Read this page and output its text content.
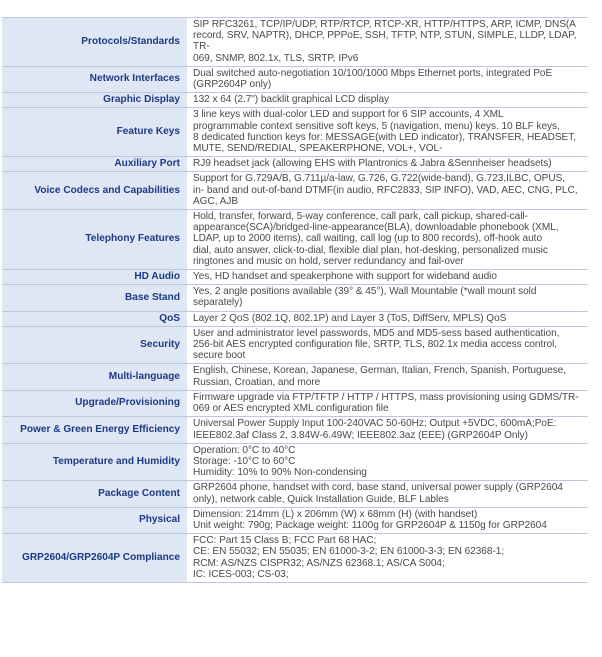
Protocols/Standards	SIP RFC3261, TCP/IP/UDP, RTP/RTCP, RTCP-XR, HTTP/HTTPS, ARP, ICMP, DNS(A
record, SRV, NAPTR), DHCP, PPPoE, SSH, TFTP, NTP, STUN, SIMPLE, LLDP, LDAP, TR-
069, SNMP, 802.1x, TLS, SRTP, IPv6

Network Interfaces	Dual switched auto-negotiation 10/100/1000 Mbps Ethernet ports, integrated PoE
(GRP2604P only)

Graphic Display	132 x 64 (2.7") backlit graphical LCD display

Feature Keys	3 line keys with dual-color LED and support for 6 SIP accounts, 4 XML
programmable context sensitive soft keys, 5 (navigation, menu) keys. 10 BLF keys,
8 dedicated function keys for: MESSAGE(with LED indicator), TRANSFER, HEADSET,
MUTE, SEND/REDIAL, SPEAKERPHONE, VOL+, VOL-

Auxiliary Port	RJ9 headset jack (allowing EHS with Plantronics & Jabra &Sennheiser headsets)

Voice Codecs and Capabilities	Support for G.729A/B, G.711µ/a-law, G.726, G.722(wide-band), G.723,ILBC, OPUS,
in- band and out-of-band DTMF(in audio, RFC2833, SIP INFO), VAD, AEC, CNG, PLC,
AGC, AJB

Telephony Features	Hold, transfer, forward, 5-way conference, call park, call pickup, shared-call-
appearance(SCA)/bridged-line-appearance(BLA), downloadable phonebook (XML,
LDAP, up to 2000 items), call waiting, call log (up to 800 records), off-hook auto
dial, auto answer, click-to-dial, flexible dial plan, hot-desking, personalized music
ringtones and music on hold, server redundancy and fail-over

HD Audio	Yes, HD handset and speakerphone with support for wideband audio

Base Stand	Yes, 2 angle positions available (39° & 45°), Wall Mountable (*wall mount sold
separately)

QoS	Layer 2 QoS (802.1Q, 802.1P) and Layer 3 (ToS, DiffServ, MPLS) QoS

Security	User and administrator level passwords, MD5 and MD5-sess based authentication,
256-bit AES encrypted configuration file, SRTP, TLS, 802.1x media access control,
secure boot

Multi-language	English, Chinese, Korean, Japanese, German, Italian, French, Spanish, Portuguese,
Russian, Croatian, and more

Upgrade/Provisioning	Firmware upgrade via FTP/TFTP / HTTP / HTTPS, mass provisioning using GDMS/TR-
069 or AES encrypted XML configuration file

Power & Green Energy Efficiency	Universal Power Supply Input 100-240VAC 50-60Hz; Output +5VDC, 600mA;PoE:
IEEE802.3af Class 2, 3.84W-6.49W; IEEE802.3az (EEE) (GRP2604P Only)

Temperature and Humidity	Operation: 0°C to 40°C
Storage: -10°C to 60°C
Humidity: 10% to 90% Non-condensing

Package Content	GRP2604 phone, handset with cord, base stand, universal power supply (GRP2604
only), network cable, Quick Installation Guide, BLF Lables

Physical	Dimension: 214mm (L) x 206mm (W) x 68mm (H) (with handset)
Unit weight: 790g; Package weight: 1100g for GRP2604P & 1150g for GRP2604

GRP2604/GRP2604P Compliance	FCC: Part 15 Class B; FCC Part 68 HAC;
CE: EN 55032; EN 55035; EN 61000-3-2; EN 61000-3-3; EN 62368-1;
RCM: AS/NZS CISPR32; AS/NZS 62368.1; AS/CA S004;
IC: ICES-003; CS-03;
